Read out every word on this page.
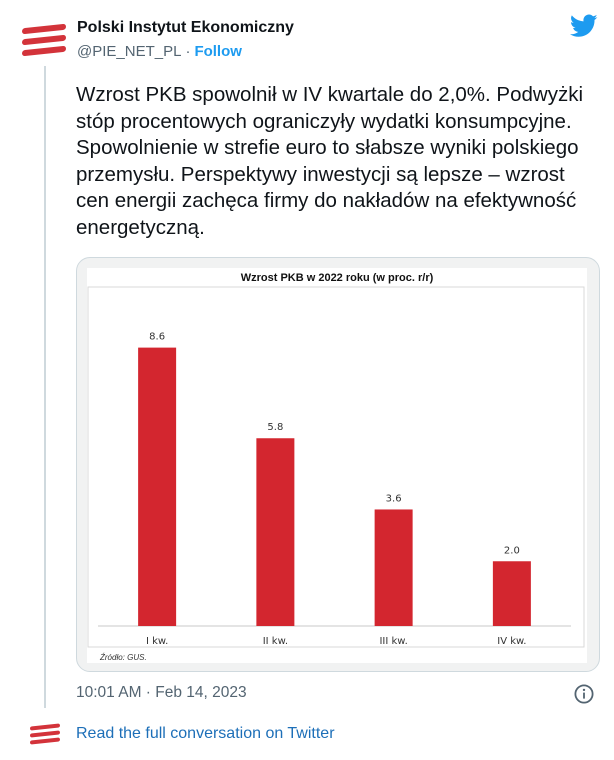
Polski Instytut Ekonomiczny
@PIE_NET_PL · Follow
Wzrost PKB spowolnił w IV kwartale do 2,0%. Podwyżki stóp procentowych ograniczyły wydatki konsumpcyjne. Spowolnienie w strefie euro to słabsze wyniki polskiego przemysłu. Perspektywy inwestycji są lepsze – wzrost cen energii zachęca firmy do nakładów na efektywność energetyczną.
Wzrost PKB w 2022 roku (w proc. r/r)
8.6
I kw.
5.8
II kw.
3.6
III kw.
2.0
IV kw.
Źródło: GUS.
10:01 AM · Feb 14, 2023
Read the full conversation on Twitter
